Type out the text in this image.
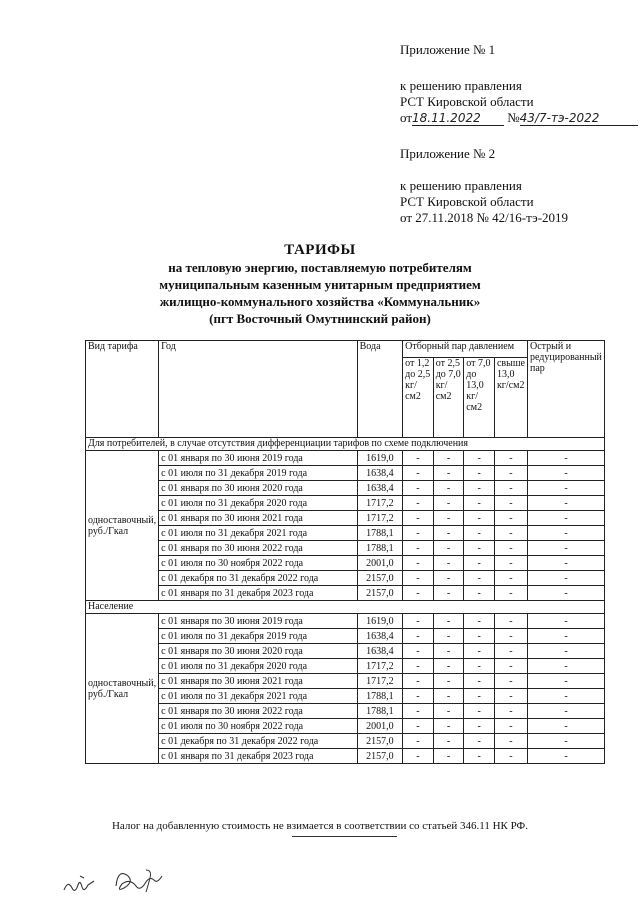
Приложение № 1
к решению правления
РСТ Кировской области
от18.11.2022 №43/7-тэ-2022
Приложение № 2
к решению правления
РСТ Кировской области
от 27.11.2018 № 42/16-тэ-2019
ТАРИФЫ
на тепловую энергию, поставляемую потребителям
муниципальным казенным унитарным предприятием
жилищно-коммунального хозяйства «Коммунальник»
(пгт Восточный Омутнинский район)
Вид тарифа	Год	Вода	Отборный пар давлением				Острый и редуцированный пар
			от 1,2 до 2,5 кг/см2	от 2,5 до 7,0 кг/см2	от 7,0 до 13,0 кг/см2	свыше 13,0 кг/см2	
Для потребителей, в случае отсутствия дифференциации тарифов по схеме подключения							
одноставочный, руб./Гкал	с 01 января по 30 июня 2019 года	1619,0	-	-	-	-	-
	с 01 июля по 31 декабря 2019 года	1638,4	-	-	-	-	-
	с 01 января по 30 июня 2020 года	1638,4	-	-	-	-	-
	с 01 июля по 31 декабря 2020 года	1717,2	-	-	-	-	-
	с 01 января по 30 июня 2021 года	1717,2	-	-	-	-	-
	с 01 июля по 31 декабря 2021 года	1788,1	-	-	-	-	-
	с 01 января по 30 июня 2022 года	1788,1	-	-	-	-	-
	с 01 июля по 30 ноября 2022 года	2001,0	-	-	-	-	-
	с 01 декабря по 31 декабря 2022 года	2157,0	-	-	-	-	-
	с 01 января по 31 декабря 2023 года	2157,0	-	-	-	-	-
Население							
одноставочный, руб./Гкал	с 01 января по 30 июня 2019 года	1619,0	-	-	-	-	-
	с 01 июля по 31 декабря 2019 года	1638,4	-	-	-	-	-
	с 01 января по 30 июня 2020 года	1638,4	-	-	-	-	-
	с 01 июля по 31 декабря 2020 года	1717,2	-	-	-	-	-
	с 01 января по 30 июня 2021 года	1717,2	-	-	-	-	-
	с 01 июля по 31 декабря 2021 года	1788,1	-	-	-	-	-
	с 01 января по 30 июня 2022 года	1788,1	-	-	-	-	-
	с 01 июля по 30 ноября 2022 года	2001,0	-	-	-	-	-
	с 01 декабря по 31 декабря 2022 года	2157,0	-	-	-	-	-
	с 01 января по 31 декабря 2023 года	2157,0	-	-	-	-	-
Налог на добавленную стоимость не взимается в соответствии со статьей 346.11 НК РФ.
